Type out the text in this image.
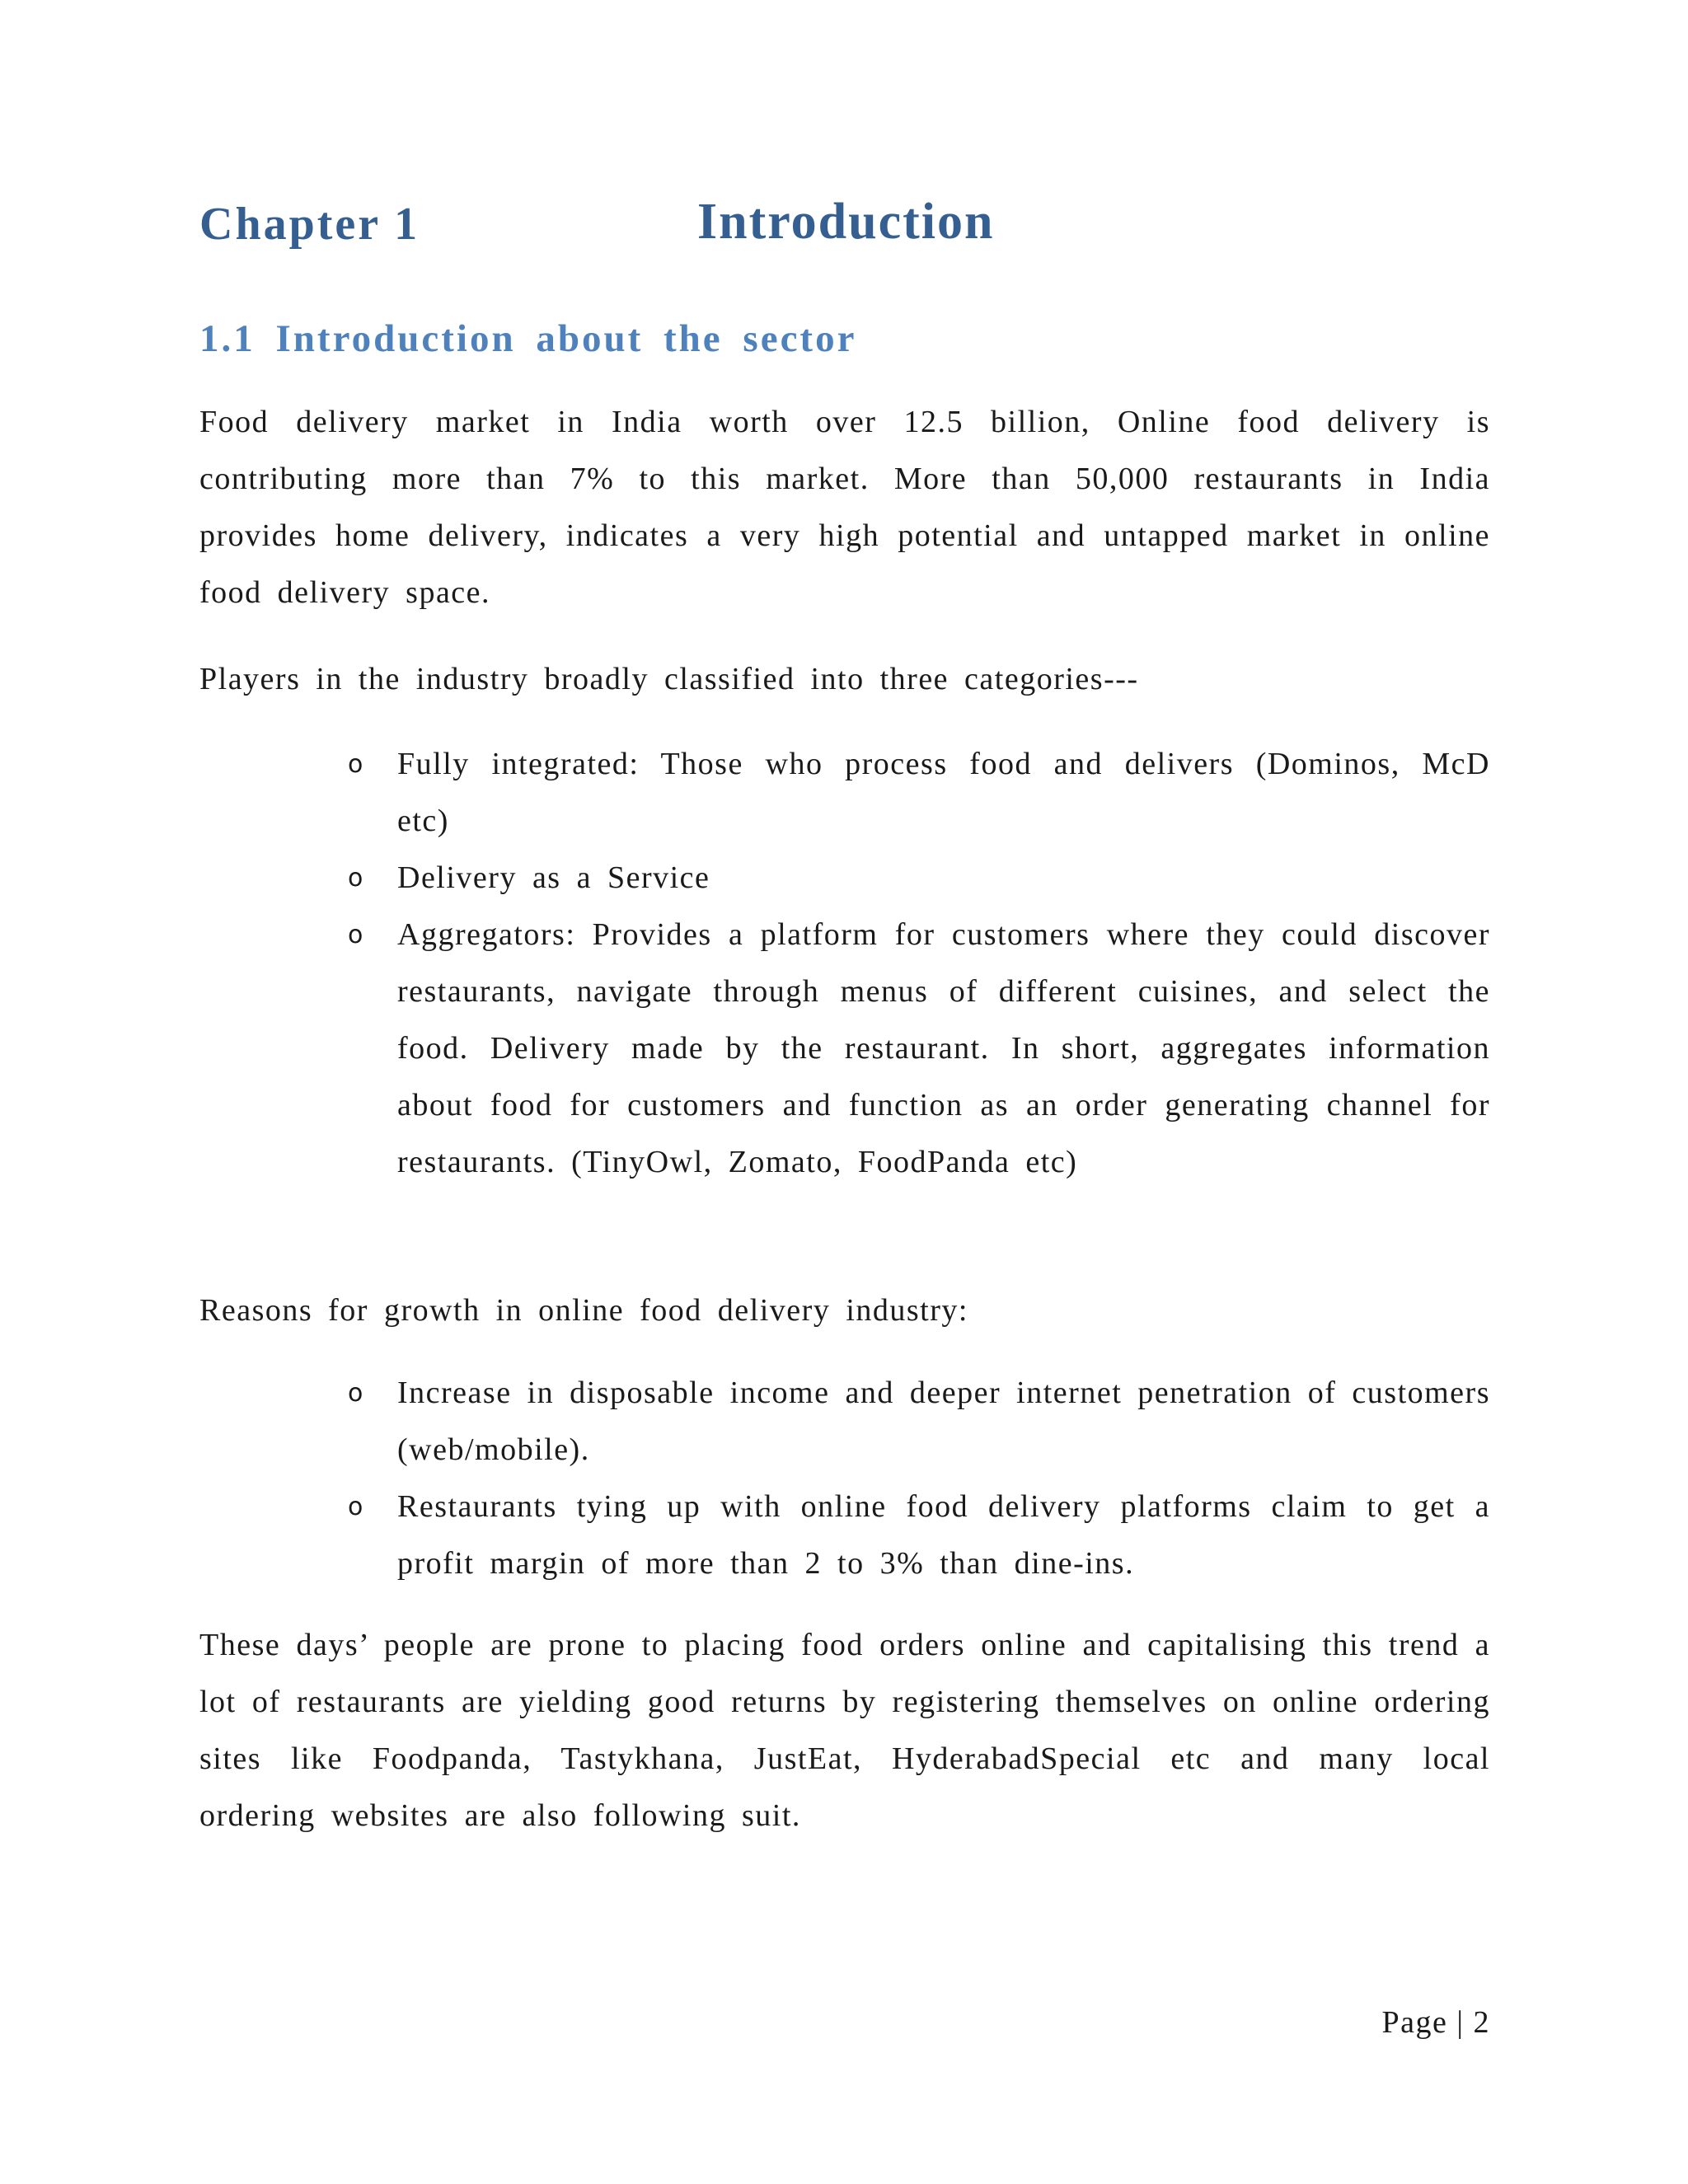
Chapter 1	Introduction
1.1 Introduction about the sector

Food delivery market in India worth over 12.5 billion, Online food delivery is contributing more than 7% to this market. More than 50,000 restaurants in India provides home delivery, indicates a very high potential and untapped market in online food delivery space.

Players in the industry broadly classified into three categories---

o Fully integrated: Those who process food and delivers (Dominos, McD etc)
o Delivery as a Service
o Aggregators: Provides a platform for customers where they could discover restaurants, navigate through menus of different cuisines, and select the food. Delivery made by the restaurant. In short, aggregates information about food for customers and function as an order generating channel for restaurants. (TinyOwl, Zomato, FoodPanda etc)

Reasons for growth in online food delivery industry:

o Increase in disposable income and deeper internet penetration of customers (web/mobile).
o Restaurants tying up with online food delivery platforms claim to get a profit margin of more than 2 to 3% than dine-ins.

These days’ people are prone to placing food orders online and capitalising this trend a lot of restaurants are yielding good returns by registering themselves on online ordering sites like Foodpanda, Tastykhana, JustEat, HyderabadSpecial etc and many local ordering websites are also following suit.

Page | 2
